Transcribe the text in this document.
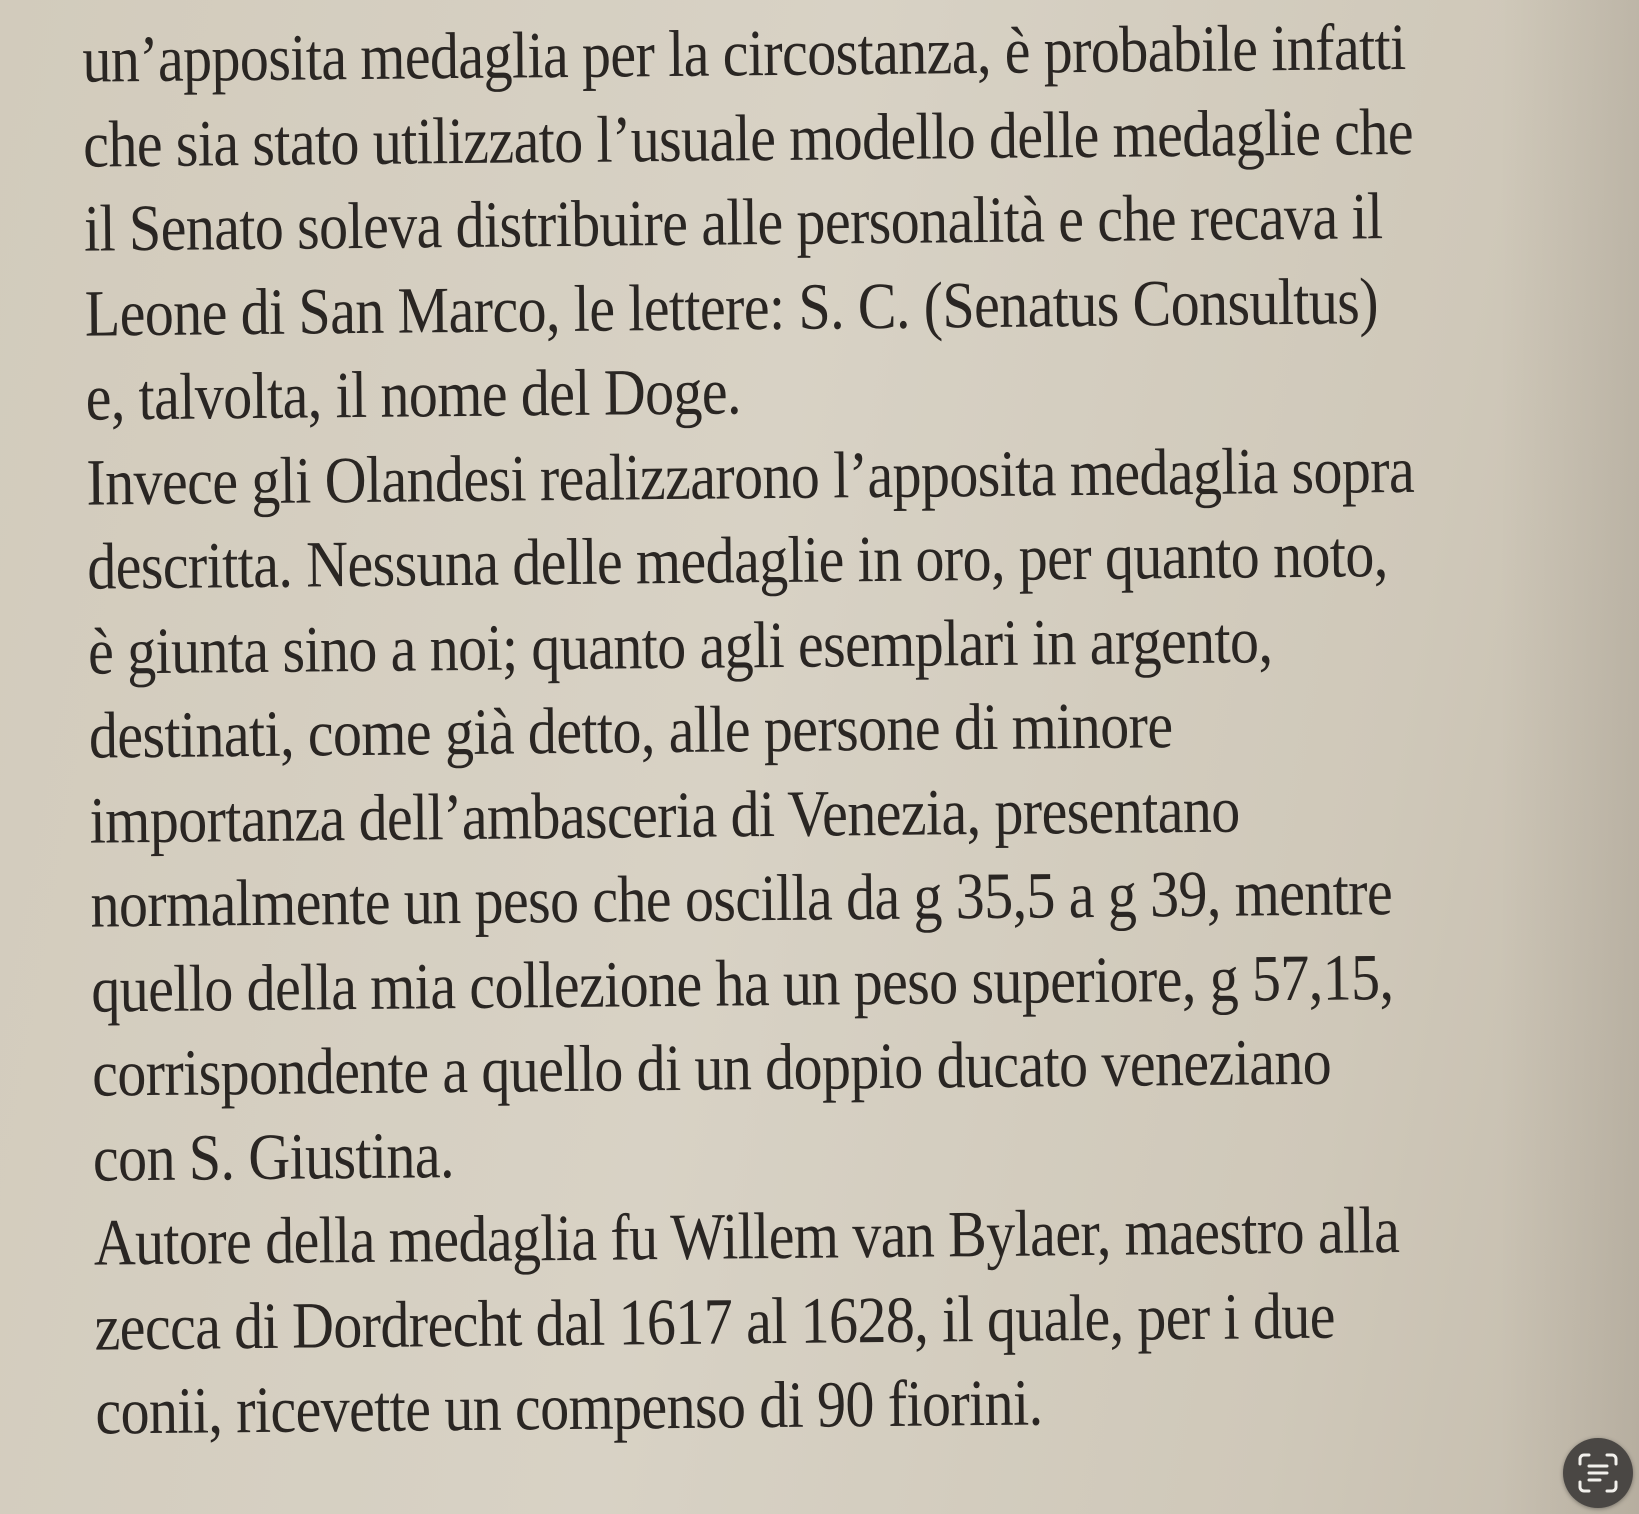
un’apposita medaglia per la circostanza, è probabile infatti
che sia stato utilizzato l’usuale modello delle medaglie che
il Senato soleva distribuire alle personalità e che recava il
Leone di San Marco, le lettere: S. C. (Senatus Consultus)
e, talvolta, il nome del Doge.
Invece gli Olandesi realizzarono l’apposita medaglia sopra
descritta. Nessuna delle medaglie in oro, per quanto noto,
è giunta sino a noi; quanto agli esemplari in argento,
destinati, come già detto, alle persone di minore
importanza dell’ambasceria di Venezia, presentano
normalmente un peso che oscilla da g 35,5 a g 39, mentre
quello della mia collezione ha un peso superiore, g 57,15,
corrispondente a quello di un doppio ducato veneziano
con S. Giustina.
Autore della medaglia fu Willem van Bylaer, maestro alla
zecca di Dordrecht dal 1617 al 1628, il quale, per i due
conii, ricevette un compenso di 90 fiorini.
